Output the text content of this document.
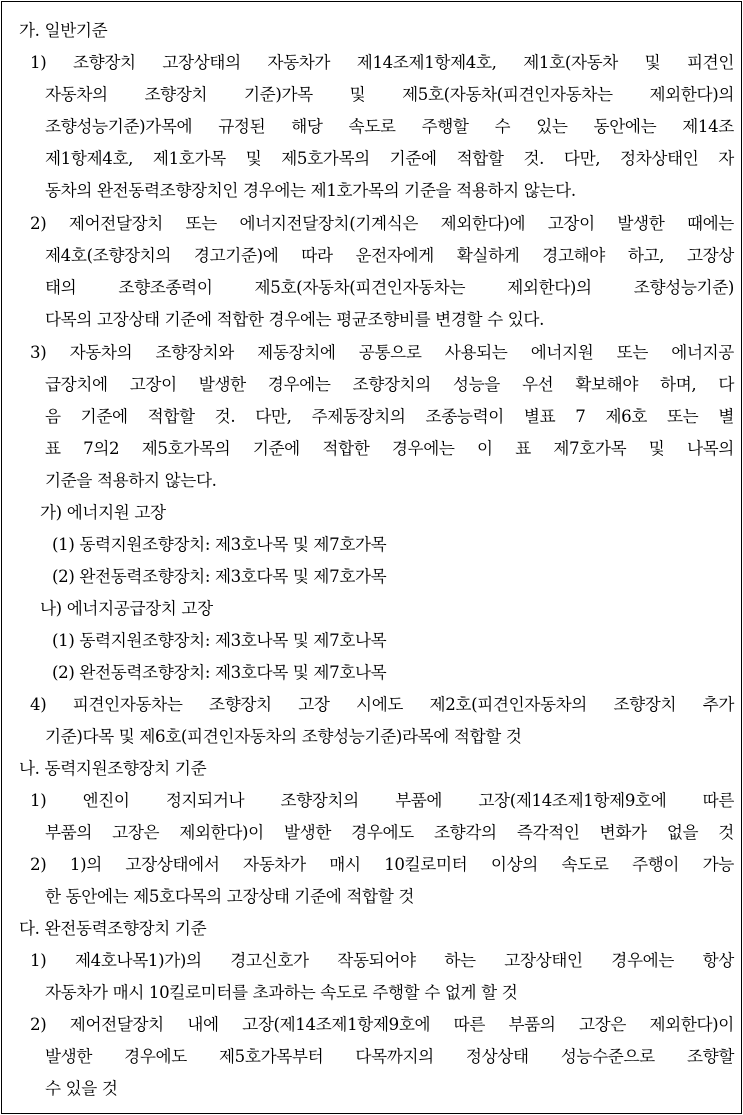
가. 일반기준
1) 조향장치 고장상태의 자동차가 제14조제1항제4호, 제1호(자동차 및 피견인
자동차의 조향장치 기준)가목 및 제5호(자동차(피견인자동차는 제외한다)의
조향성능기준)가목에 규정된 해당 속도로 주행할 수 있는 동안에는 제14조
제1항제4호, 제1호가목 및 제5호가목의 기준에 적합할 것. 다만, 정차상태인 자
동차의 완전동력조향장치인 경우에는 제1호가목의 기준을 적용하지 않는다.
2) 제어전달장치 또는 에너지전달장치(기계식은 제외한다)에 고장이 발생한 때에는
제4호(조향장치의 경고기준)에 따라 운전자에게 확실하게 경고해야 하고, 고장상
태의 조향조종력이 제5호(자동차(피견인자동차는 제외한다)의 조향성능기준)
다목의 고장상태 기준에 적합한 경우에는 평균조향비를 변경할 수 있다.
3) 자동차의 조향장치와 제동장치에 공통으로 사용되는 에너지원 또는 에너지공
급장치에 고장이 발생한 경우에는 조향장치의 성능을 우선 확보해야 하며, 다
음 기준에 적합할 것. 다만, 주제동장치의 조종능력이 별표 7 제6호 또는 별
표 7의2 제5호가목의 기준에 적합한 경우에는 이 표 제7호가목 및 나목의
기준을 적용하지 않는다.
가) 에너지원 고장
(1) 동력지원조향장치: 제3호나목 및 제7호가목
(2) 완전동력조향장치: 제3호다목 및 제7호가목
나) 에너지공급장치 고장
(1) 동력지원조향장치: 제3호나목 및 제7호나목
(2) 완전동력조향장치: 제3호다목 및 제7호나목
4) 피견인자동차는 조향장치 고장 시에도 제2호(피견인자동차의 조향장치 추가
기준)다목 및 제6호(피견인자동차의 조향성능기준)라목에 적합할 것
나. 동력지원조향장치 기준
1) 엔진이 정지되거나 조향장치의 부품에 고장(제14조제1항제9호에 따른
부품의 고장은 제외한다)이 발생한 경우에도 조향각의 즉각적인 변화가 없을 것
2) 1)의 고장상태에서 자동차가 매시 10킬로미터 이상의 속도로 주행이 가능
한 동안에는 제5호다목의 고장상태 기준에 적합할 것
다. 완전동력조향장치 기준
1) 제4호나목1)가)의 경고신호가 작동되어야 하는 고장상태인 경우에는 항상
자동차가 매시 10킬로미터를 초과하는 속도로 주행할 수 없게 할 것
2) 제어전달장치 내에 고장(제14조제1항제9호에 따른 부품의 고장은 제외한다)이
발생한 경우에도 제5호가목부터 다목까지의 정상상태 성능수준으로 조향할
수 있을 것
